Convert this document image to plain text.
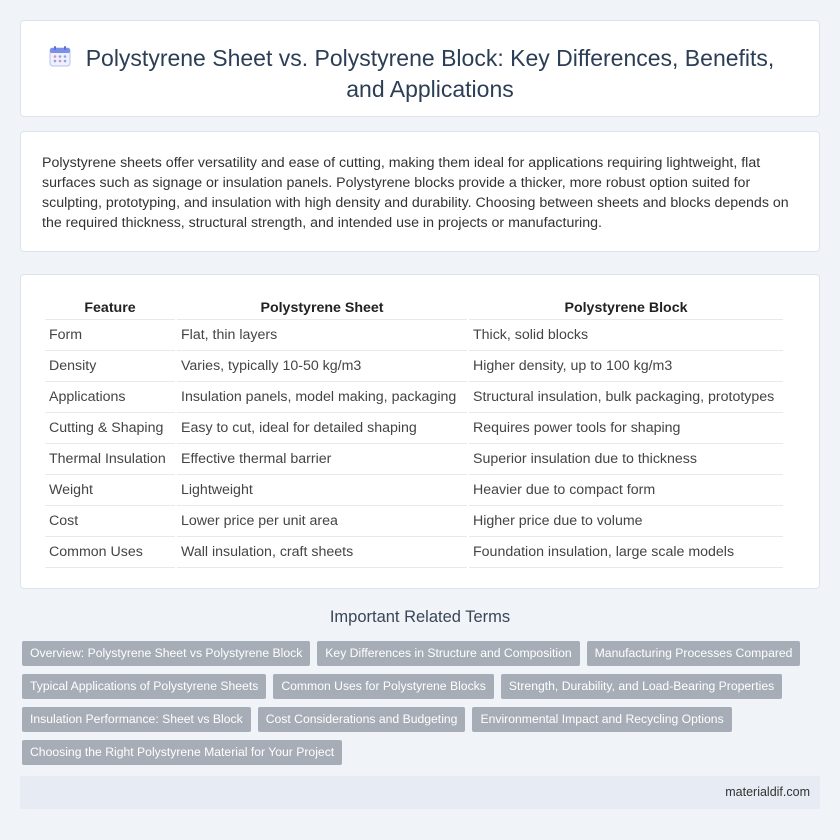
Polystyrene Sheet vs. Polystyrene Block: Key Differences, Benefits, and Applications

Polystyrene sheets offer versatility and ease of cutting, making them ideal for applications requiring lightweight, flat surfaces such as signage or insulation panels. Polystyrene blocks provide a thicker, more robust option suited for sculpting, prototyping, and insulation with high density and durability. Choosing between sheets and blocks depends on the required thickness, structural strength, and intended use in projects or manufacturing.

Feature	Polystyrene Sheet	Polystyrene Block
Form	Flat, thin layers	Thick, solid blocks
Density	Varies, typically 10-50 kg/m3	Higher density, up to 100 kg/m3
Applications	Insulation panels, model making, packaging	Structural insulation, bulk packaging, prototypes
Cutting & Shaping	Easy to cut, ideal for detailed shaping	Requires power tools for shaping
Thermal Insulation	Effective thermal barrier	Superior insulation due to thickness
Weight	Lightweight	Heavier due to compact form
Cost	Lower price per unit area	Higher price due to volume
Common Uses	Wall insulation, craft sheets	Foundation insulation, large scale models
Important Related Terms
Overview: Polystyrene Sheet vs Polystyrene Block	Key Differences in Structure and Composition	Manufacturing Processes Compared
Typical Applications of Polystyrene Sheets	Common Uses for Polystyrene Blocks	Strength, Durability, and Load-Bearing Properties
Insulation Performance: Sheet vs Block	Cost Considerations and Budgeting	Environmental Impact and Recycling Options
Choosing the Right Polystyrene Material for Your Project
materialdif.com
